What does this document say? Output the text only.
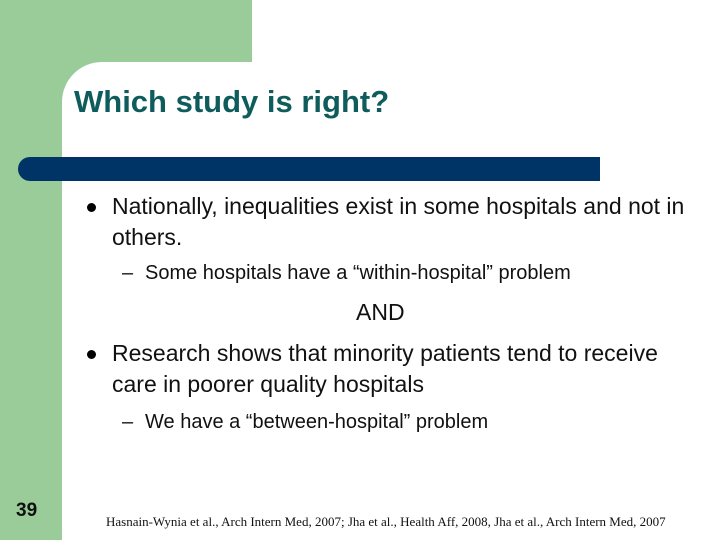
Which study is right?

Nationally, inequalities exist in some hospitals and not in others.

– Some hospitals have a “within-hospital” problem
AND

Research shows that minority patients tend to receive care in poorer quality hospitals

– We have a “between-hospital” problem
39
Hasnain-Wynia et al., Arch Intern Med, 2007; Jha et al., Health Aff, 2008, Jha et al., Arch Intern Med, 2007
